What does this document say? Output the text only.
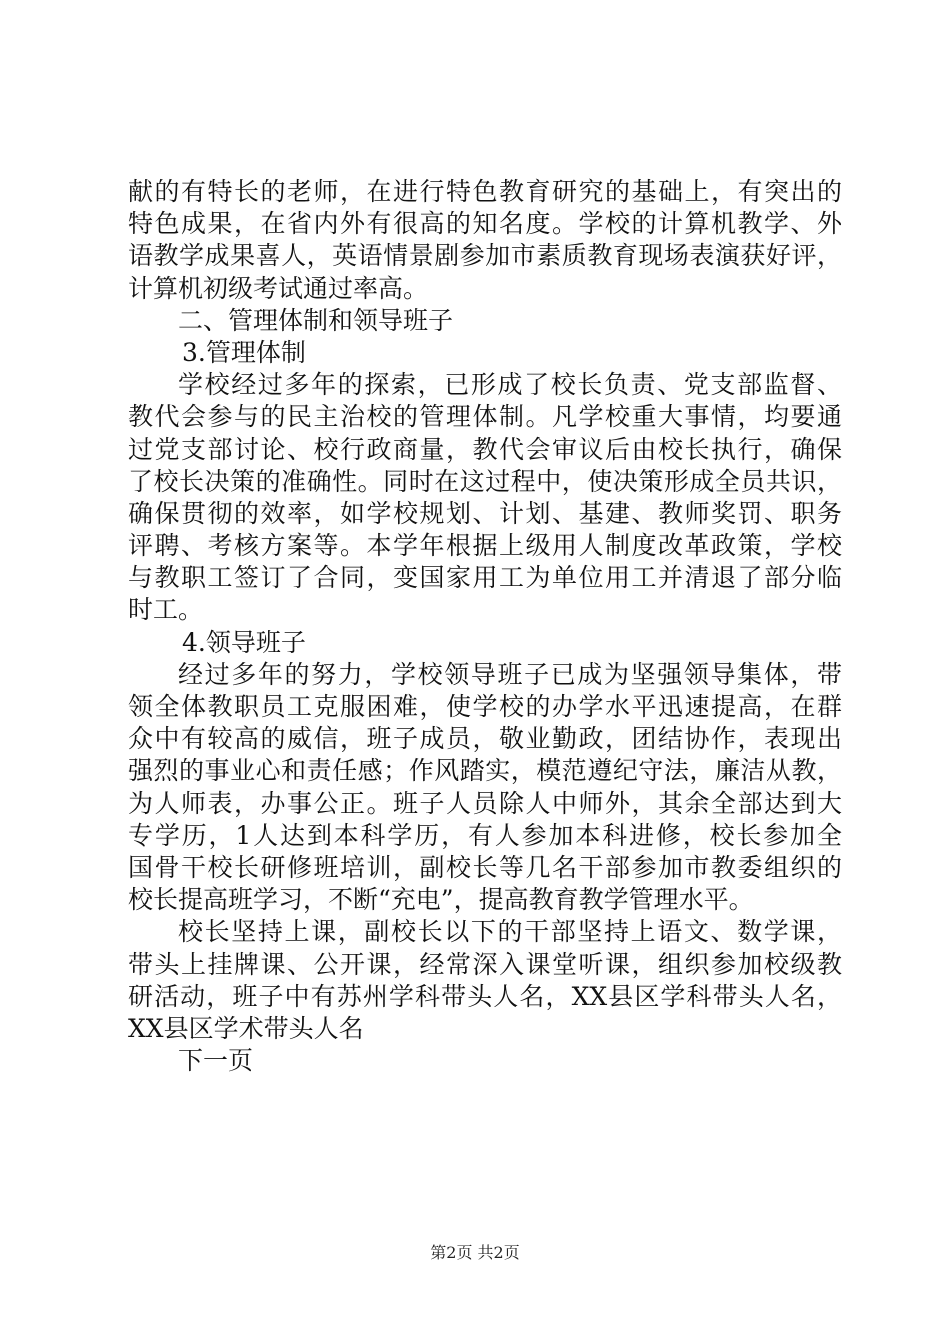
献的有特长的老师，在进行特色教育研究的基础上，有突出的
特色成果，在省内外有很高的知名度。学校的计算机教学、外
语教学成果喜人，英语情景剧参加市素质教育现场表演获好评，
计算机初级考试通过率高。
二、管理体制和领导班子
3.管理体制
学校经过多年的探索，已形成了校长负责、党支部监督、
教代会参与的民主治校的管理体制。凡学校重大事情，均要通
过党支部讨论、校行政商量，教代会审议后由校长执行，确保
了校长决策的准确性。同时在这过程中，使决策形成全员共识，
确保贯彻的效率，如学校规划、计划、基建、教师奖罚、职务
评聘、考核方案等。本学年根据上级用人制度改革政策，学校
与教职工签订了合同，变国家用工为单位用工并清退了部分临
时工。
4.领导班子
经过多年的努力，学校领导班子已成为坚强领导集体，带
领全体教职员工克服困难，使学校的办学水平迅速提高，在群
众中有较高的威信，班子成员，敬业勤政，团结协作，表现出
强烈的事业心和责任感；作风踏实，模范遵纪守法，廉洁从教，
为人师表，办事公正。班子人员除人中师外，其余全部达到大
专学历，1人达到本科学历，有人参加本科进修，校长参加全
国骨干校长研修班培训，副校长等几名干部参加市教委组织的
校长提高班学习，不断“充电”，提高教育教学管理水平。
校长坚持上课，副校长以下的干部坚持上语文、数学课，
带头上挂牌课、公开课，经常深入课堂听课，组织参加校级教
研活动，班子中有苏州学科带头人名，XX县区学科带头人名，
XX县区学术带头人名
下一页
第2页 共2页
